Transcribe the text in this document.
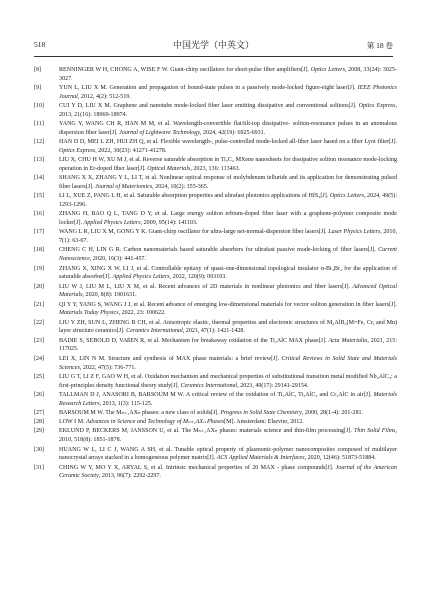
518	中国光学（中英文）	第 18 卷
[8]	RENNINGER W H, CHONG A, WISE F W. Giant-chirp oscillators for short-pulse fiber amplifiers[J]. Optics Letters, 2008, 33(24): 3025-3027.
[9]	YUN L, LIU X M. Generation and propagation of bound-state pulses in a passively mode-locked figure-eight laser[J]. IEEE Photonics Journal, 2012, 4(2): 512-519.
[10]	CUI Y D, LIU X M. Graphene and nanotube mode-locked fiber laser emitting dissipative and conventional solitons[J]. Optics Express, 2013, 21(16): 18969-18974.
[11]	YANG Y, WANG CH R, HAN M M, et al. Wavelength-convertible flat/tilt-top dissipative- soliton-resonance pulses in an anomalous dispersion fiber laser[J]. Journal of Lightwave Technology, 2024, 42(19): 6925-6931.
[12]	HAN D D, MEI L ZH, HUI ZH Q, et al. Flexible wavelength-, pulse-controlled mode-locked all-fiber laser based on a fiber Lyot filter[J]. Optics Express, 2022, 30(23): 41271-41278.
[13]	LIU X, CHU H W, XU M J, et al. Reverse saturable absorption in Ti₃C₂ MXene nanosheets for dissipative soliton resonance mode-locking operation in Er-doped fiber laser[J]. Optical Materials, 2023, 136: 113463.
[14]	SHANG X X, ZHANG Y L, LI T, et al. Nonlinear optical response of molybdenum telluride and its application for demonstrating pulsed fiber lasers[J]. Journal of Materiomics, 2024, 10(2): 355-365.
[15]	LI L, XUE Z, PANG L H, et al. Saturable absorption properties and ultrafast photonics applications of HfS₂[J]. Optics Letters, 2024, 49(5): 1293-1296.
[16]	ZHANG H, BAO Q L, TANG D Y, et al. Large energy soliton erbium-doped fiber laser with a graphene-polymer composite mode locker[J]. Applied Physics Letters, 2009, 95(14): 141103.
[17]	WANG L R, LIU X M, GONG Y K. Giant-chirp oscillator for ultra-large net-normal-dispersion fiber lasers[J]. Laser Physics Letters, 2010, 7(1): 63-67.
[18]	CHENG C H, LIN G R. Carbon nanomaterials based saturable absorbers for ultrafast passive mode-locking of fiber lasers[J]. Current Nanoscience, 2020, 16(3): 441-457.
[19]	ZHANG X, XING X W, LI J, et al. Controllable epitaxy of quasi-one-dimensional topological insulator α-Bi₄Br₄ for the application of saturable absorber[J]. Applied Physics Letters, 2022, 120(9): 093103.
[20]	LIU W J, LIU M L, LIU X M, et al. Recent advances of 2D materials in nonlinear photonics and fiber lasers[J]. Advanced Optical Materials, 2020, 8(8): 1901631.
[21]	QI Y Y, YANG S, WANG J J, et al. Recent advance of emerging low-dimensional materials for vector soliton generation in fiber lasers[J]. Materials Today Physics, 2022, 23: 100622.
[22]	LIU Y ZH, SUN L, ZHENG B CH, et al. Anisotropic elastic, thermal properties and electronic structures of M₂AlB₂(M=Fe, Cr, and Mn) layer structure ceramics[J]. Ceramics International, 2021, 47(1): 1421-1428.
[23]	BADIE S, SEBOLD D, VAßEN R, et al. Mechanism for breakaway oxidation of the Ti₂AlC MAX phase[J]. Acta Materialia, 2021, 215: 117025.
[24]	LEI X, LIN N M. Structure and synthesis of MAX phase materials: a brief review[J]. Critical Reviews in Solid State and Materials Sciences, 2022, 47(5): 736-771.
[25]	LIU G T, LI Z F, GAO W H, et al. Oxidation mechanism and mechanical properties of substitutional transition metal modified Nb₄AlC₃: a first-principles density functional theory study[J]. Ceramics International, 2023, 49(17): 29141-29154.
[26]	TALLMAN D J, ANASORI B, BARSOUM M W. A critical review of the oxidation of Ti₂AlC, Ti₃AlC₂ and Cr₂AlC in air[J]. Materials Research Letters, 2013, 1(3): 115-125.
[27]	BARSOUM M W. The Mₙ₊₁AXₙ phases: a new class of solids[J]. Progress in Solid State Chemistry, 2000, 28(1-4): 201-281.
[28]	LOW I M. Advances in Science and Technology of Mₙ₊₁AXₙ Phases[M]. Amsterdam: Elsevier, 2012.
[29]	EKLUND P, BECKERS M, JANSSON U, et al. The Mₙ₊₁AXₙ phases: materials science and thin-film processing[J]. Thin Solid Films, 2010, 518(8): 1851-1878.
[30]	HUANG W L, LI C J, WANG A SH, et al. Tunable optical property of plasmonic-polymer nanocomposites composed of multilayer nanocrystal arrays stacked in a homogeneous polymer matrix[J]. ACS Applied Materials & Interfaces, 2020, 12(46): 51873-51884.
[31]	CHING W Y, MO Y X, ARYAL S, et al. Intrinsic mechanical properties of 20 MAX - phase compounds[J]. Journal of the American Ceramic Society, 2013, 96(7): 2292-2297.
